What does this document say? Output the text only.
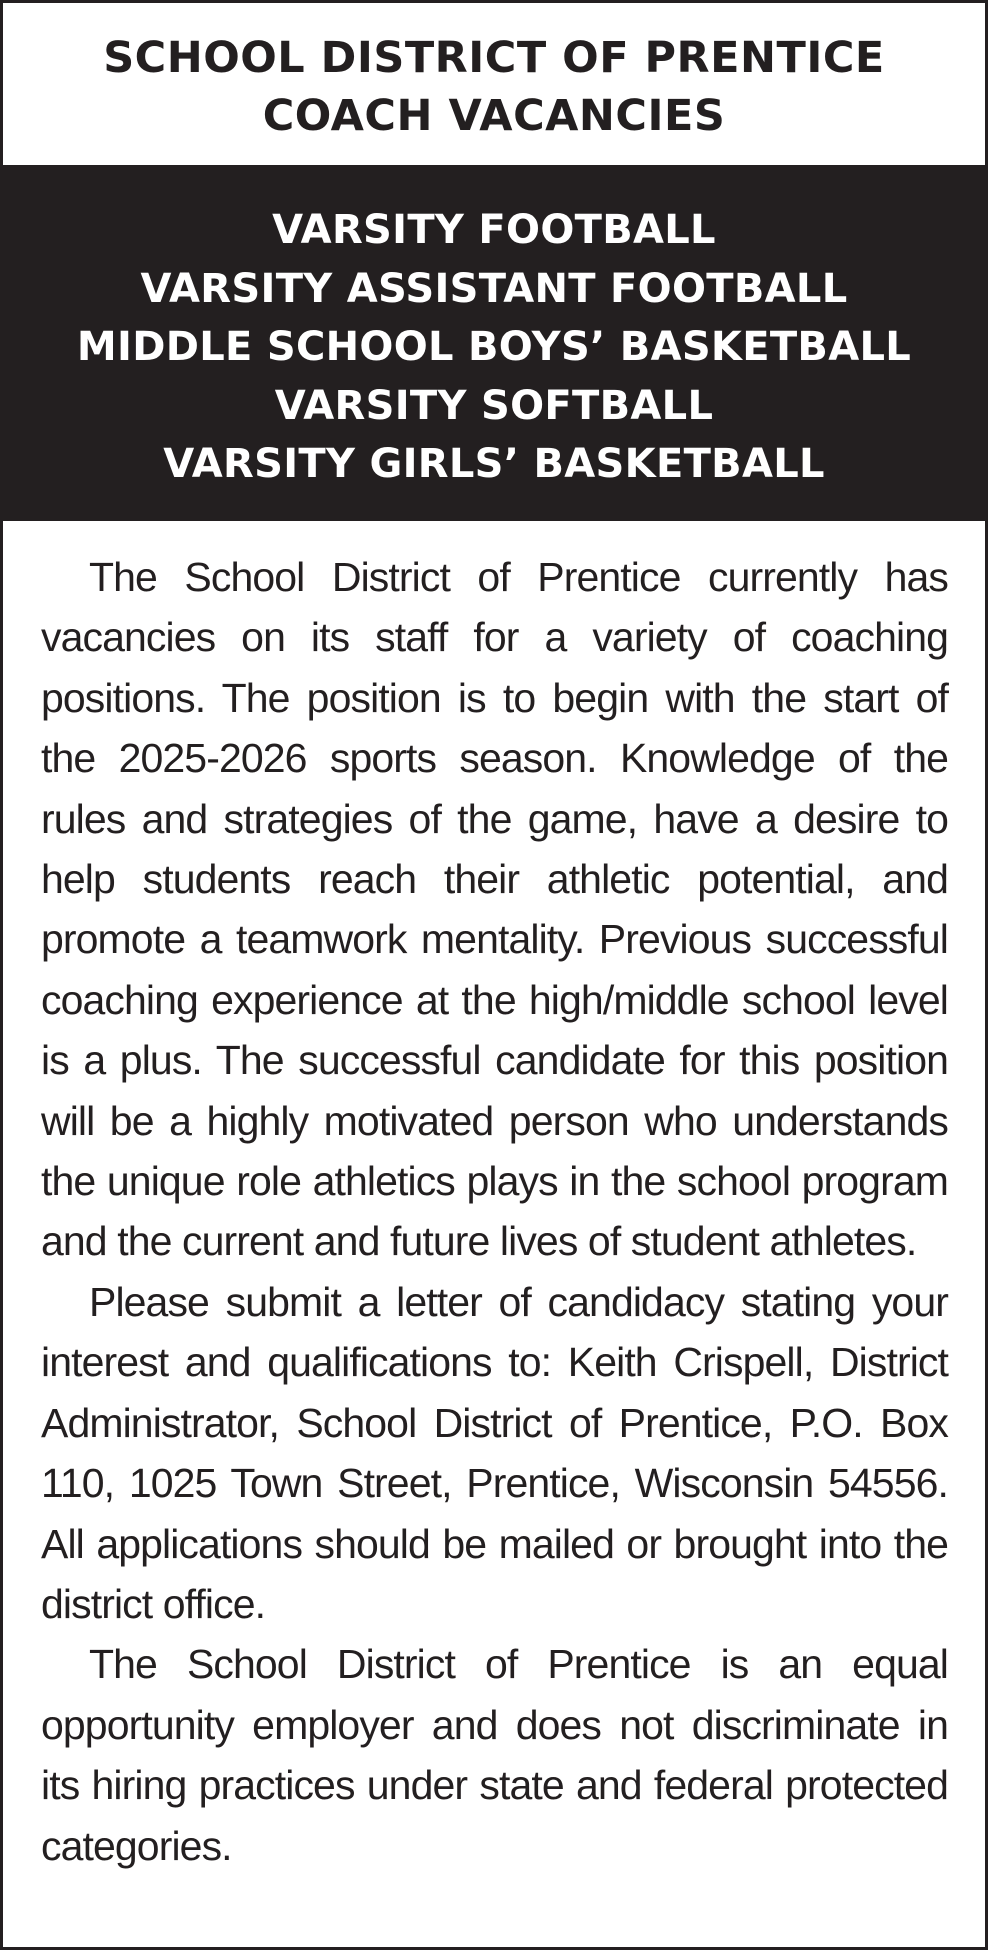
SCHOOL DISTRICT OF PRENTICE
COACH VACANCIES
VARSITY FOOTBALL
VARSITY ASSISTANT FOOTBALL
MIDDLE SCHOOL BOYS’ BASKETBALL
VARSITY SOFTBALL
VARSITY GIRLS’ BASKETBALL

The School District of Prentice currently has vacancies on its staff for a variety of coaching positions. The position is to begin with the start of the 2025-2026 sports season. Knowledge of the rules and strategies of the game, have a desire to help students reach their athletic potential, and promote a teamwork mentality. Previous successful coaching experience at the high/middle school level is a plus. The successful candidate for this position will be a highly motivated person who understands the unique role athletics plays in the school program and the current and future lives of student athletes.

Please submit a letter of candidacy stating your interest and qualifications to: Keith Crispell, District Administrator, School District of Prentice, P.O. Box 110, 1025 Town Street, Prentice, Wisconsin 54556. All applications should be mailed or brought into the district office.

The School District of Prentice is an equal opportunity employer and does not discriminate in its hiring practices under state and federal protected categories.
